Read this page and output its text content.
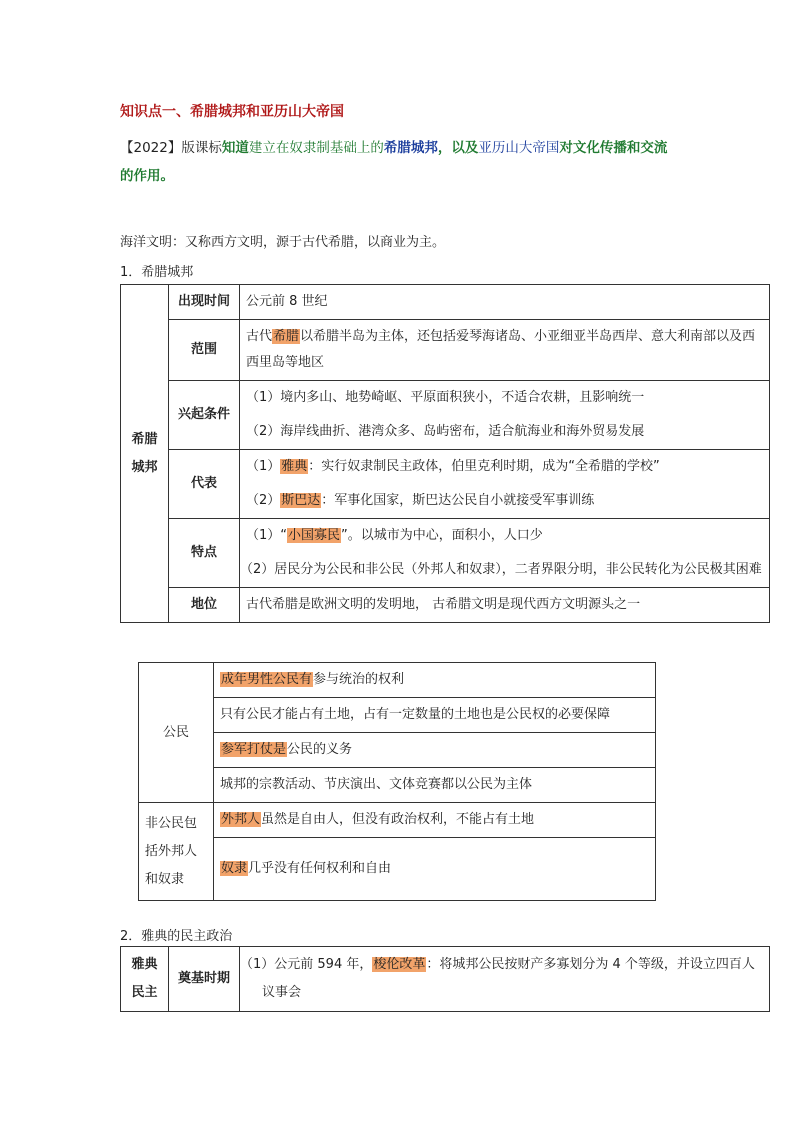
知识点一、希腊城邦和亚历山大帝国
【2022】版课标知道建立在奴隶制基础上的希腊城邦，以及亚历山大帝国对文化传播和交流的作用。
海洋文明：又称西方文明，源于古代希腊，以商业为主。
1．希腊城邦
希腊城邦	出现时间	公元前 8 世纪
	范围	古代希腊以希腊半岛为主体，还包括爱琴海诸岛、小亚细亚半岛西岸、意大利南部以及西西里岛等地区
	兴起条件	（1）境内多山、地势崎岖、平原面积狭小，不适合农耕，且影响统一
		（2）海岸线曲折、港湾众多、岛屿密布，适合航海业和海外贸易发展
	代表	（1）雅典：实行奴隶制民主政体，伯里克利时期，成为“全希腊的学校”
		（2）斯巴达：军事化国家，斯巴达公民自小就接受军事训练
	特点	（1）“小国寡民”。以城市为中心，面积小，人口少
		（2）居民分为公民和非公民（外邦人和奴隶），二者界限分明，非公民转化为公民极其困难
	地位	古代希腊是欧洲文明的发明地， 古希腊文明是现代西方文明源头之一
公民	成年男性公民有参与统治的权利
	只有公民才能占有土地，占有一定数量的土地也是公民权的必要保障
	参军打仗是公民的义务
	城邦的宗教活动、节庆演出、文体竞赛都以公民为主体
非公民包括外邦人和奴隶	外邦人虽然是自由人，但没有政治权利，不能占有土地
	奴隶几乎没有任何权利和自由
2．雅典的民主政治
雅典民主	奠基时期	（1）公元前 594 年，梭伦改革：将城邦公民按财产多寡划分为 4 个等级，并设立四百人议事会
